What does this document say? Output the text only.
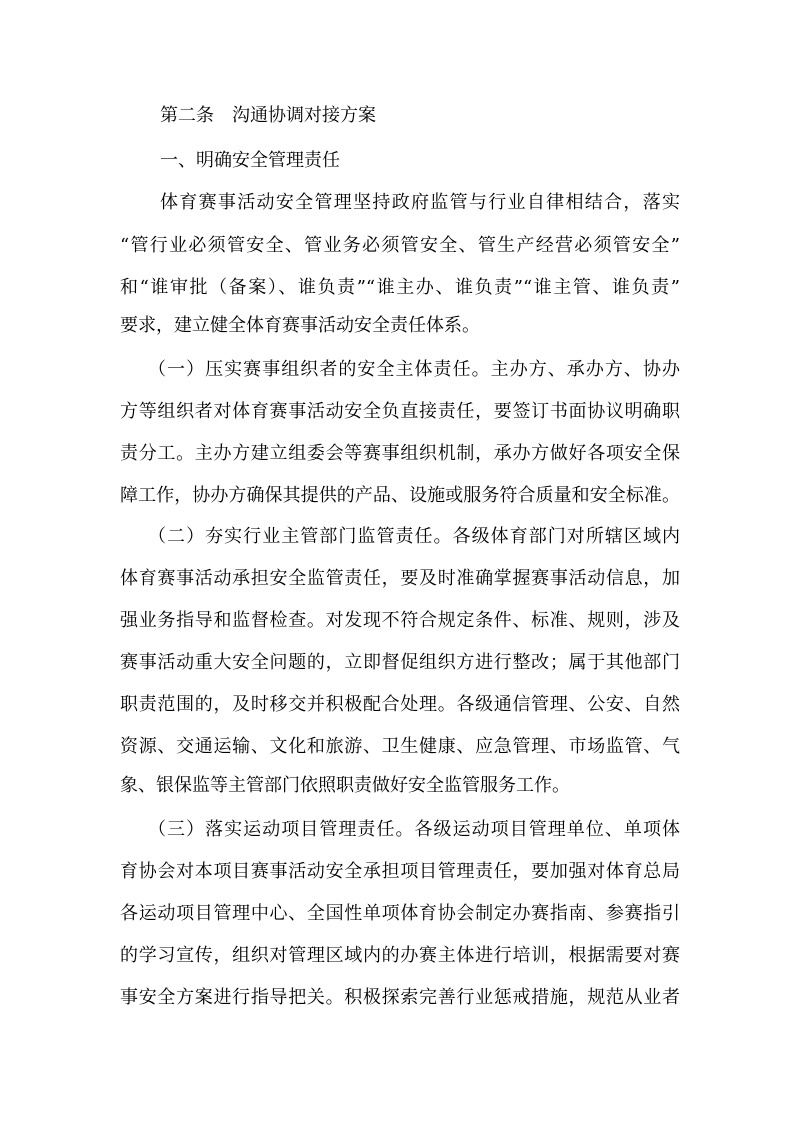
第二条　沟通协调对接方案
一、明确安全管理责任
体育赛事活动安全管理坚持政府监管与行业自律相结合，落实
“管行业必须管安全、管业务必须管安全、管生产经营必须管安全”
和“谁审批（备案）、谁负责”“谁主办、谁负责”“谁主管、谁负责”
要求，建立健全体育赛事活动安全责任体系。
（一）压实赛事组织者的安全主体责任。主办方、承办方、协办
方等组织者对体育赛事活动安全负直接责任，要签订书面协议明确职
责分工。主办方建立组委会等赛事组织机制，承办方做好各项安全保
障工作，协办方确保其提供的产品、设施或服务符合质量和安全标准。
（二）夯实行业主管部门监管责任。各级体育部门对所辖区域内
体育赛事活动承担安全监管责任，要及时准确掌握赛事活动信息，加
强业务指导和监督检查。对发现不符合规定条件、标准、规则，涉及
赛事活动重大安全问题的，立即督促组织方进行整改；属于其他部门
职责范围的，及时移交并积极配合处理。各级通信管理、公安、自然
资源、交通运输、文化和旅游、卫生健康、应急管理、市场监管、气
象、银保监等主管部门依照职责做好安全监管服务工作。
（三）落实运动项目管理责任。各级运动项目管理单位、单项体
育协会对本项目赛事活动安全承担项目管理责任，要加强对体育总局
各运动项目管理中心、全国性单项体育协会制定办赛指南、参赛指引
的学习宣传，组织对管理区域内的办赛主体进行培训，根据需要对赛
事安全方案进行指导把关。积极探索完善行业惩戒措施，规范从业者
